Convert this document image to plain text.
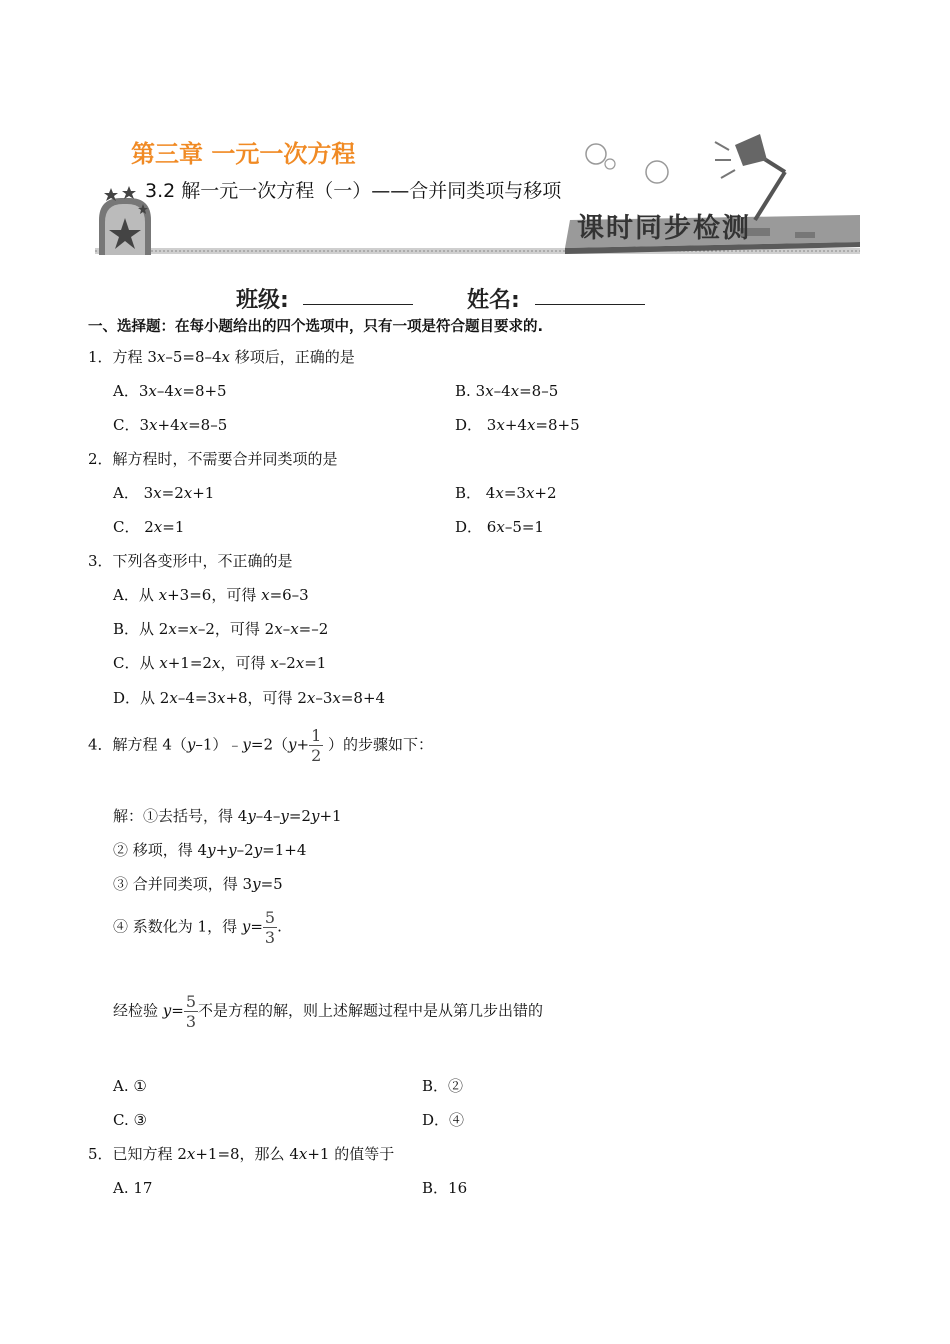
第三章 一元一次方程
3.2 解一元一次方程（一）——合并同类项与移项
课时同步检测
班级:	姓名:
一、选择题：在每小题给出的四个选项中，只有一项是符合题目要求的.
1．方程 3x–5=8–4x 移项后，正确的是
A．3x–4x=8+5	B. 3x–4x=8–5
C．3x+4x=8–5	D． 3x+4x=8+5
2．解方程时，不需要合并同类项的是
A． 3x=2x+1	B． 4x=3x+2
C． 2x=1	D． 6x–5=1
3．下列各变形中，不正确的是
A．从 x+3=6，可得 x=6–3
B．从 2x=x–2，可得 2x–x=–2
C．从 x+1=2x，可得 x–2x=1
D．从 2x–4=3x+8，可得 2x–3x=8+4
4．解方程 4（y–1）﹣y=2（y+ $\frac{1}{2}$ ）的步骤如下：
解：①去括号，得 4y–4–y=2y+1
② 移项，得 4y+y–2y=1+4
③ 合并同类项，得 3y=5
④ 系数化为 1，得 $y= \frac{5}{3}$ .
经检验 $y= \frac{5}{3}$ 不是方程的解，则上述解题过程中是从第几步出错的
A. ①	B．②
C. ③	D．④
5．已知方程 2x+1=8，那么 4x+1 的值等于
A. 17	B．16
